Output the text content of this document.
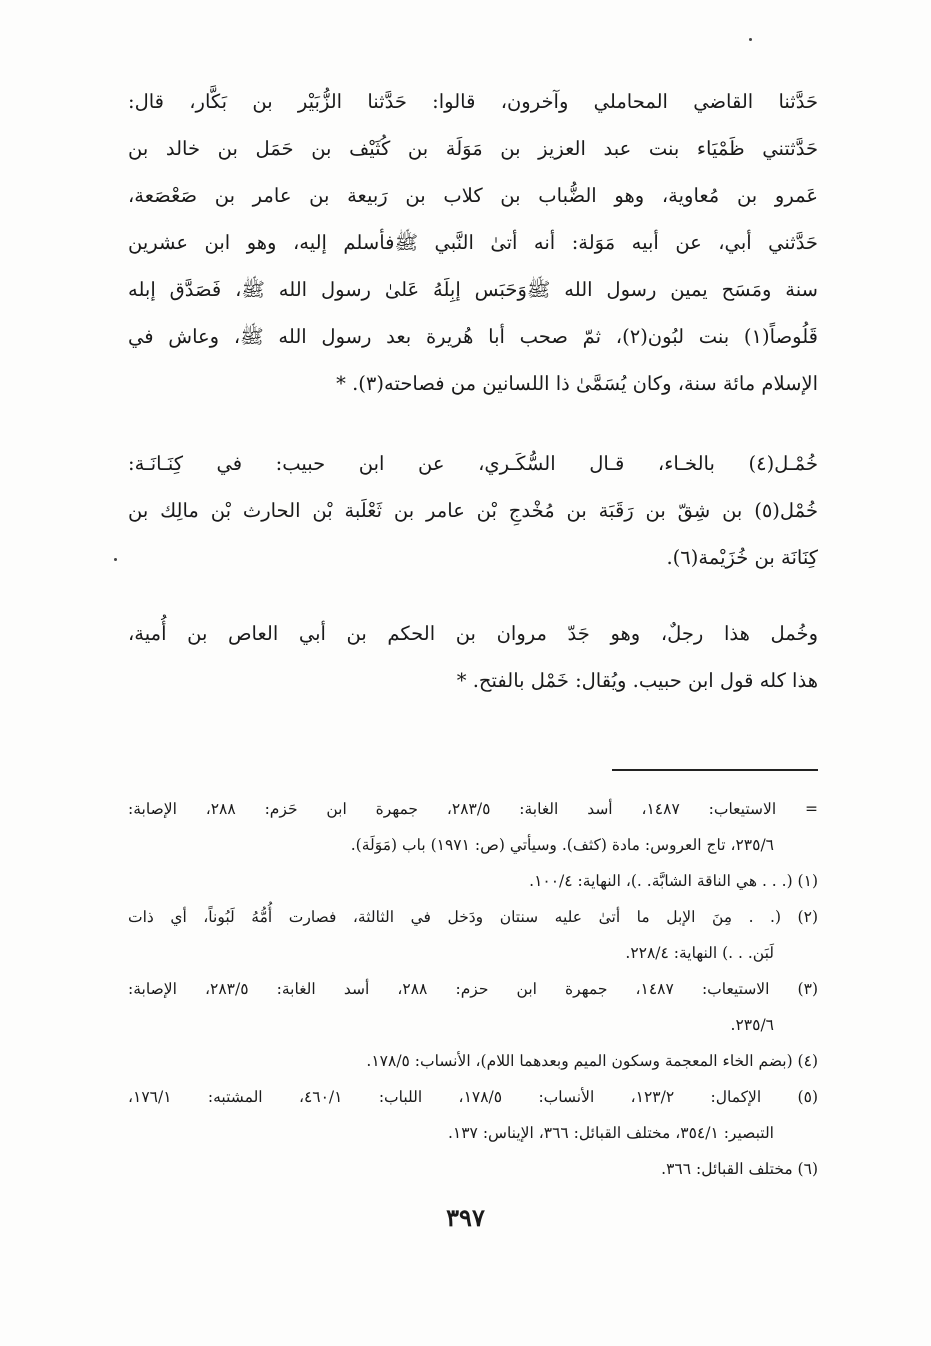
حَدَّثنا القاضي المحاملي وآخرون، قالوا: حَدَّثنا الزُّبَيْر بن بَكَّار، قال:
حَدَّثتني ظَمْيَاء بنت عبد العزيز بن مَوَلَة بن كُثَيْف بن حَمَل بن خالد بن
عَمرو بن مُعاوية، وهو الضُّباب بن كلاب بن رَبيعة بن عامر بن صَعْصَعة،
حَدَّثني أبي، عن أبيه مَوَلة: أنه أتىٰ النَّبي ﷺفأسلم إليه، وهو ابن عشرين
سنة ومَسَح يمين رسول الله ﷺوَحَبَس إبِلَهُ عَلىٰ رسول الله ﷺ، فَصَدَّق إبله
قَلُوصاً(١) بنت لبُون(٢)، ثمّ صحب أبا هُريرة بعد رسول الله ﷺ، وعاش في
الإسلام مائة سنة، وكان يُسَمَّىٰ ذا اللسانين من فصاحته(٣). *
خُمْـل(٤) بالخـاء، قـال السُّكَـري، عن ابن حبيب: في كِنَـانَـة:
خُمْل(٥) بن شِقّ بن رَقَبَة بن مُخْدجِ بْن عامر بن ثَعْلَبة بْن الحارث بْن مالِك بن
كِنَانَة بن خُزَيْمة(٦).
وخُمل هذا رجلٌ، وهو جَدّ مروان بن الحكم بن أبي العاص بن أُمية،
هذا كله قول ابن حبيب. ويُقال: خَمْل بالفتح. *
= الاستيعاب: ١٤٨٧، أسد الغابة: ٢٨٣/٥، جمهرة ابن حَزم: ٢٨٨، الإصابة:
٢٣٥/٦، تاج العروس: مادة (كثف). وسيأتي (ص: ١٩٧١) باب (مَوَلَة).
(١) (. . . هي الناقة الشابَّة. .)، النهاية: ١٠٠/٤.
(٢) (. . مِنَ الإبل ما أتىٰ عليه سنتان ودَخل في الثالثة، فصارت أُمُّهُ لَبُوناً، أي ذات
لَبَن. . .) النهاية: ٢٢٨/٤.
(٣) الاستيعاب: ١٤٨٧، جمهرة ابن حزم: ٢٨٨، أسد الغابة: ٢٨٣/٥، الإصابة:
٢٣٥/٦.
(٤) (بضم الخاء المعجمة وسكون الميم وبعدهما اللام)، الأنساب: ١٧٨/٥.
(٥) الإكمال: ١٢٣/٢، الأنساب: ١٧٨/٥، اللباب: ٤٦٠/١، المشتبه: ١٧٦/١،
التبصير: ٣٥٤/١، مختلف القبائل: ٣٦٦، الإيناس: ١٣٧.
(٦) مختلف القبائل: ٣٦٦.
٣٩٧
